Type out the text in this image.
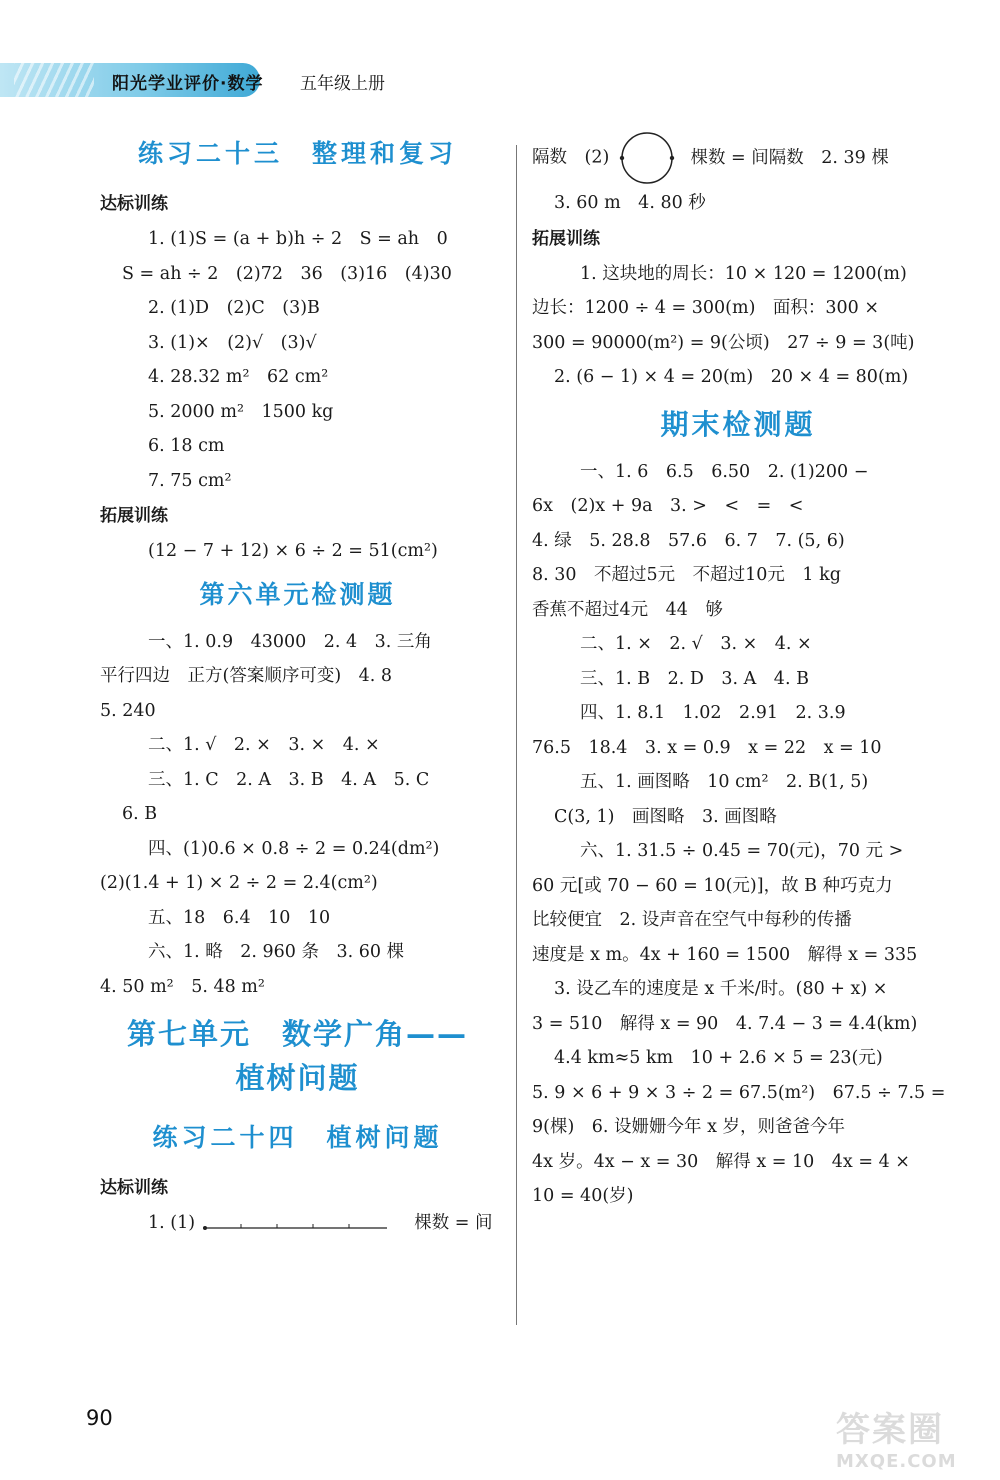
阳光学业评价·数学 五年级上册
练习二十三　整理和复习
达标训练
1. (1)S = (a + b)h ÷ 2　S = ah　0
S = ah ÷ 2　(2)72　36　(3)16　(4)30
2. (1)D　(2)C　(3)B
3. (1)×　(2)√　(3)√
4. 28.32 m²　62 cm²
5. 2000 m²　1500 kg
6. 18 cm
7. 75 cm²
拓展训练
(12 − 7 + 12) × 6 ÷ 2 = 51(cm²)
第六单元检测题
一、1. 0.9　43000　2. 4　3. 三角
平行四边　正方(答案顺序可变)　4. 8
5. 240
二、1. √　2. ×　3. ×　4. ×
三、1. C　2. A　3. B　4. A　5. C
6. B
四、(1)0.6 × 0.8 ÷ 2 = 0.24(dm²)
(2)(1.4 + 1) × 2 ÷ 2 = 2.4(cm²)
五、18　6.4　10　10
六、1. 略　2. 960 条　3. 60 棵
4. 50 m²　5. 48 m²
第七单元　数学广角——
植树问题
练习二十四　植树问题
达标训练
1. (1)	棵数 = 间
隔数　(2)	棵数 = 间隔数　2. 39 棵
3. 60 m　4. 80 秒
拓展训练
1. 这块地的周长：10 × 120 = 1200(m)
边长：1200 ÷ 4 = 300(m)　面积：300 ×
300 = 90000(m²) = 9(公顷)　27 ÷ 9 = 3(吨)
2. (6 − 1) × 4 = 20(m)　20 × 4 = 80(m)
期末检测题
一、1. 6　6.5　6.50　2. (1)200 −
6x　(2)x + 9a　3. >　<　=　<
4. 绿　5. 28.8　57.6　6. 7　7. (5, 6)
8. 30　不超过5元　不超过10元　1 kg
香蕉不超过4元　44　够
二、1. ×　2. √　3. ×　4. ×
三、1. B　2. D　3. A　4. B
四、1. 8.1　1.02　2.91　2. 3.9
76.5　18.4　3. x = 0.9　x = 22　x = 10
五、1. 画图略　10 cm²　2. B(1, 5)
C(3, 1)　画图略　3. 画图略
六、1. 31.5 ÷ 0.45 = 70(元)，70 元 >
60 元[或 70 − 60 = 10(元)]，故 B 种巧克力
比较便宜　2. 设声音在空气中每秒的传播
速度是 x m。4x + 160 = 1500　解得 x = 335
3. 设乙车的速度是 x 千米/时。(80 + x) ×
3 = 510　解得 x = 90　4. 7.4 − 3 = 4.4(km)
4.4 km≈5 km　10 + 2.6 × 5 = 23(元)
5. 9 × 6 + 9 × 3 ÷ 2 = 67.5(m²)　67.5 ÷ 7.5 =
9(棵)　6. 设姗姗今年 x 岁，则爸爸今年
4x 岁。4x − x = 30　解得 x = 10　4x = 4 ×
10 = 40(岁)
90	答案圈
MXQE.COM
